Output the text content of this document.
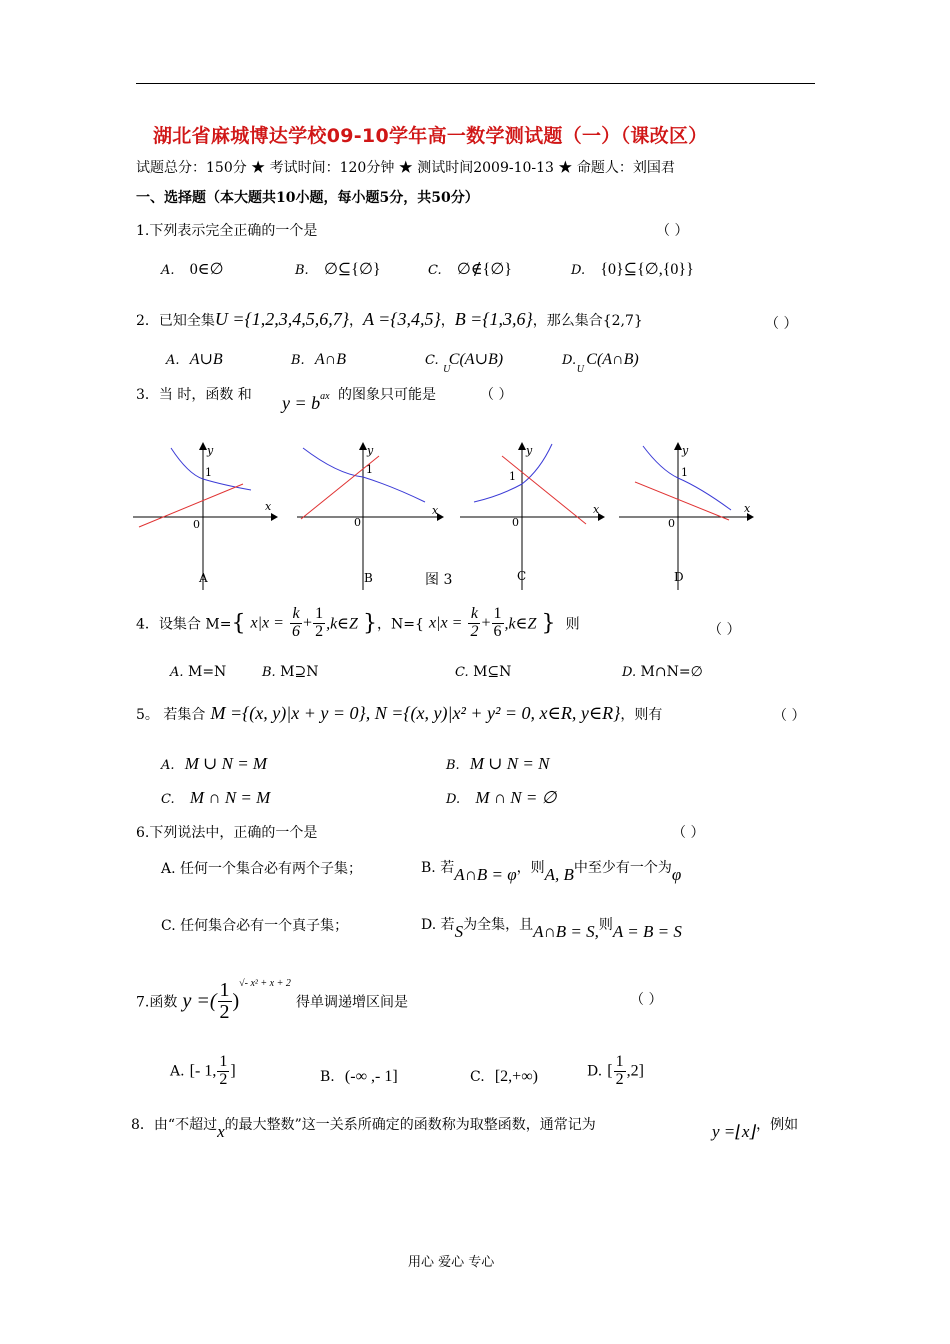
湖北省麻城博达学校09-10学年高一数学测试题（一）（课改区）
试题总分：150分 ★ 考试时间：120分钟 ★ 测试时间2009-10-13 ★ 命题人：刘国君
一、选择题（本大题共10小题，每小题5分，共50分）
1.下列表示完全正确的一个是	（ ）
A. 0∈∅	B. ∅⊆{∅}	C. ∅∉{∅}	D. {0}⊆{∅,{0}}
2．已知全集U ={1,2,3,4,5,6,7}，A ={3,4,5}，B ={1,3,6}，那么集合{2,7}	（ ）
A. A∪B	B. A∩B	C. $C(A\cup B)_U$
D. $C(A\cap B)_U$
3．当 时，函数 和 $y = b^{ax}$ 的图象只可能是	（ ）
y
x
1
0
A
y
x
1
0
B	图 3
y
x
1
0
C
y
x
1
0
D
4．设集合 M={ $x|x = \frac{k}{6} + \frac{1}{2}$ ,k∈Z }，N={ $x|x = \frac{k}{2} + \frac{1}{6}$ ,k∈Z } 则	（ ）
A. M=N	B. M⊇N	C. M⊆N	D. M∩N=∅
5。 若集合 M ={(x, y)|x + y = 0}, N ={(x, y)|x² + y² = 0, x∈R, y∈R}，则有	（ ）
A. M ∪ N = M	B. M ∪ N = N
C. M ∩ N = M	D. M ∩ N = ∅
6.下列说法中，正确的一个是	（ ）
A. 任何一个集合必有两个子集；	B. 若A∩B = φ，则A, B中至少有一个为φ
C. 任何集合必有一个真子集；	D. 若S为全集，且A∩B = S,则A = B = S
7.函数 y =( $\frac{1}{2} )^{√- x^2 + x + 2}$ 得单调递增区间是	（ ）
A. [- 1, $\frac{1}{2}$ ]	B. (-∞ ,- 1]	C. [2,+∞)	D. [ $\frac{1}{2} ,2$]
8．由“不超过x的最大整数”这一关系所确定的函数称为取整函数，通常记为	y =⌊x⌋，例如
用心 爱心 专心
